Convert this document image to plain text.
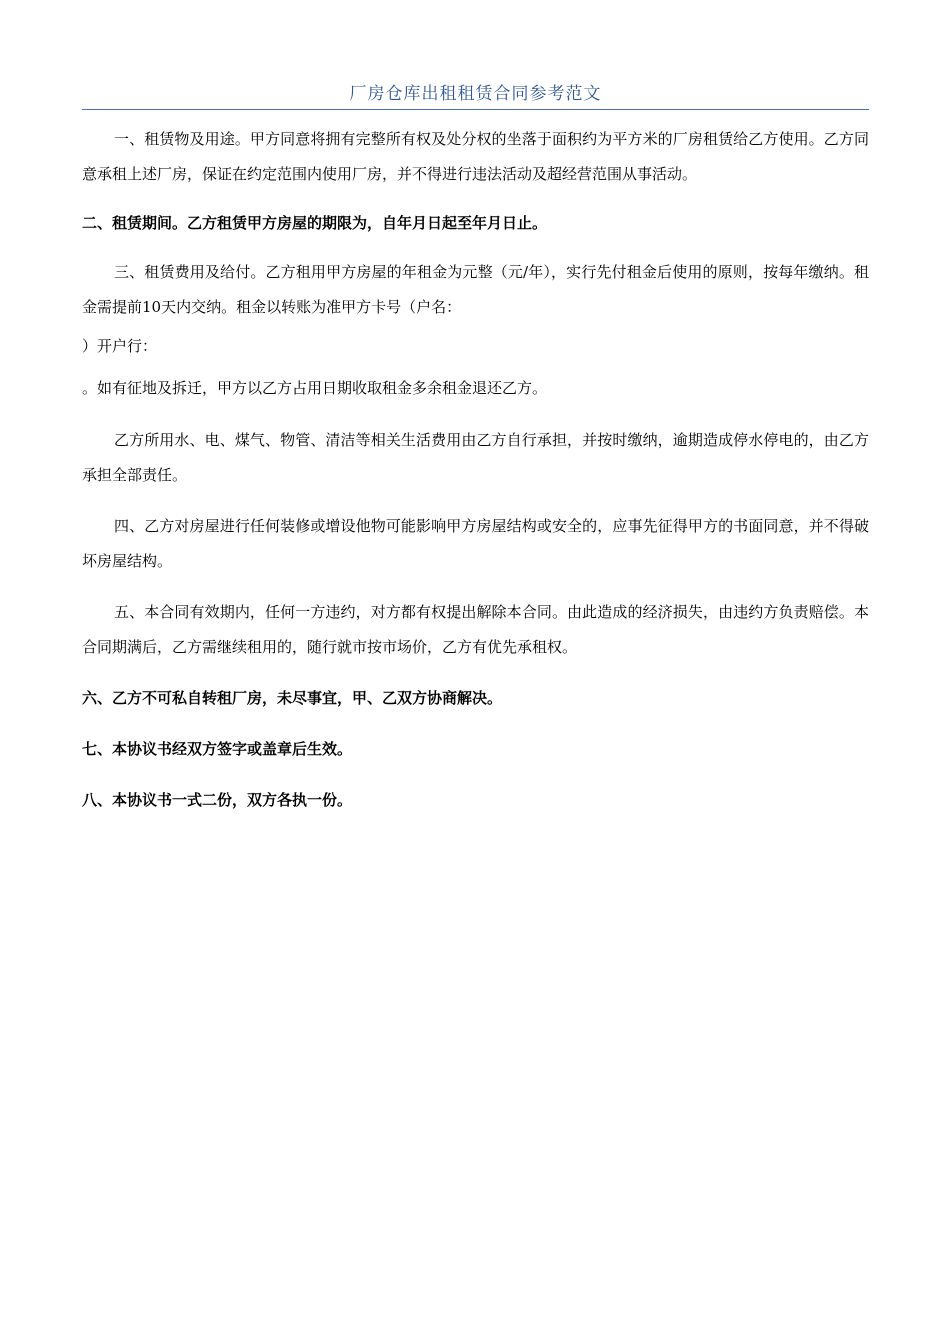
厂房仓库出租租赁合同参考范文

一、租赁物及用途。甲方同意将拥有完整所有权及处分权的坐落于面积约为平方米的厂房租赁给乙方使用。乙方同意承租上述厂房，保证在约定范围内使用厂房，并不得进行违法活动及超经营范围从事活动。

二、租赁期间。乙方租赁甲方房屋的期限为，自年月日起至年月日止。

三、租赁费用及给付。乙方租用甲方房屋的年租金为元整（元/年），实行先付租金后使用的原则，按每年缴纳。租金需提前10天内交纳。租金以转账为准甲方卡号（户名：

）开户行：

。如有征地及拆迁，甲方以乙方占用日期收取租金多余租金退还乙方。

乙方所用水、电、煤气、物管、清洁等相关生活费用由乙方自行承担，并按时缴纳，逾期造成停水停电的，由乙方承担全部责任。

四、乙方对房屋进行任何装修或增设他物可能影响甲方房屋结构或安全的，应事先征得甲方的书面同意，并不得破坏房屋结构。

五、本合同有效期内，任何一方违约，对方都有权提出解除本合同。由此造成的经济损失，由违约方负责赔偿。本合同期满后，乙方需继续租用的，随行就市按市场价，乙方有优先承租权。

六、乙方不可私自转租厂房，未尽事宜，甲、乙双方协商解决。

七、本协议书经双方签字或盖章后生效。

八、本协议书一式二份，双方各执一份。
